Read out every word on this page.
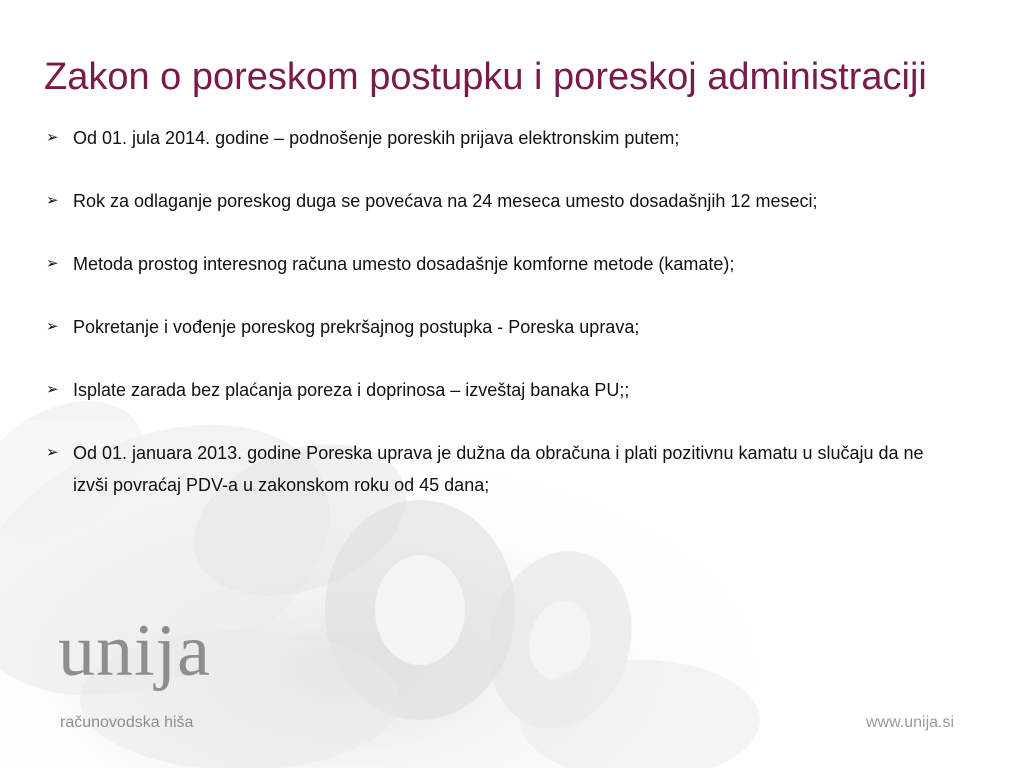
Zakon o poreskom postupku i poreskoj administraciji
➢ Od 01. jula 2014. godine – podnošenje poreskih prijava elektronskim putem;
➢ Rok za odlaganje poreskog duga se povećava na 24 meseca umesto dosadašnjih 12 meseci;
➢ Metoda prostog interesnog računa umesto dosadašnje komforne metode (kamate);
➢ Pokretanje i vođenje poreskog prekršajnog postupka - Poreska uprava;
➢ Isplate zarada bez plaćanja poreza i doprinosa – izveštaj banaka PU;;
➢ Od 01. januara 2013. godine Poreska uprava je dužna da obračuna i plati pozitivnu kamatu u slučaju da ne izvši povraćaj PDV-a u zakonskom roku od 45 dana;
unija
računovodska hiša	www.unija.si
